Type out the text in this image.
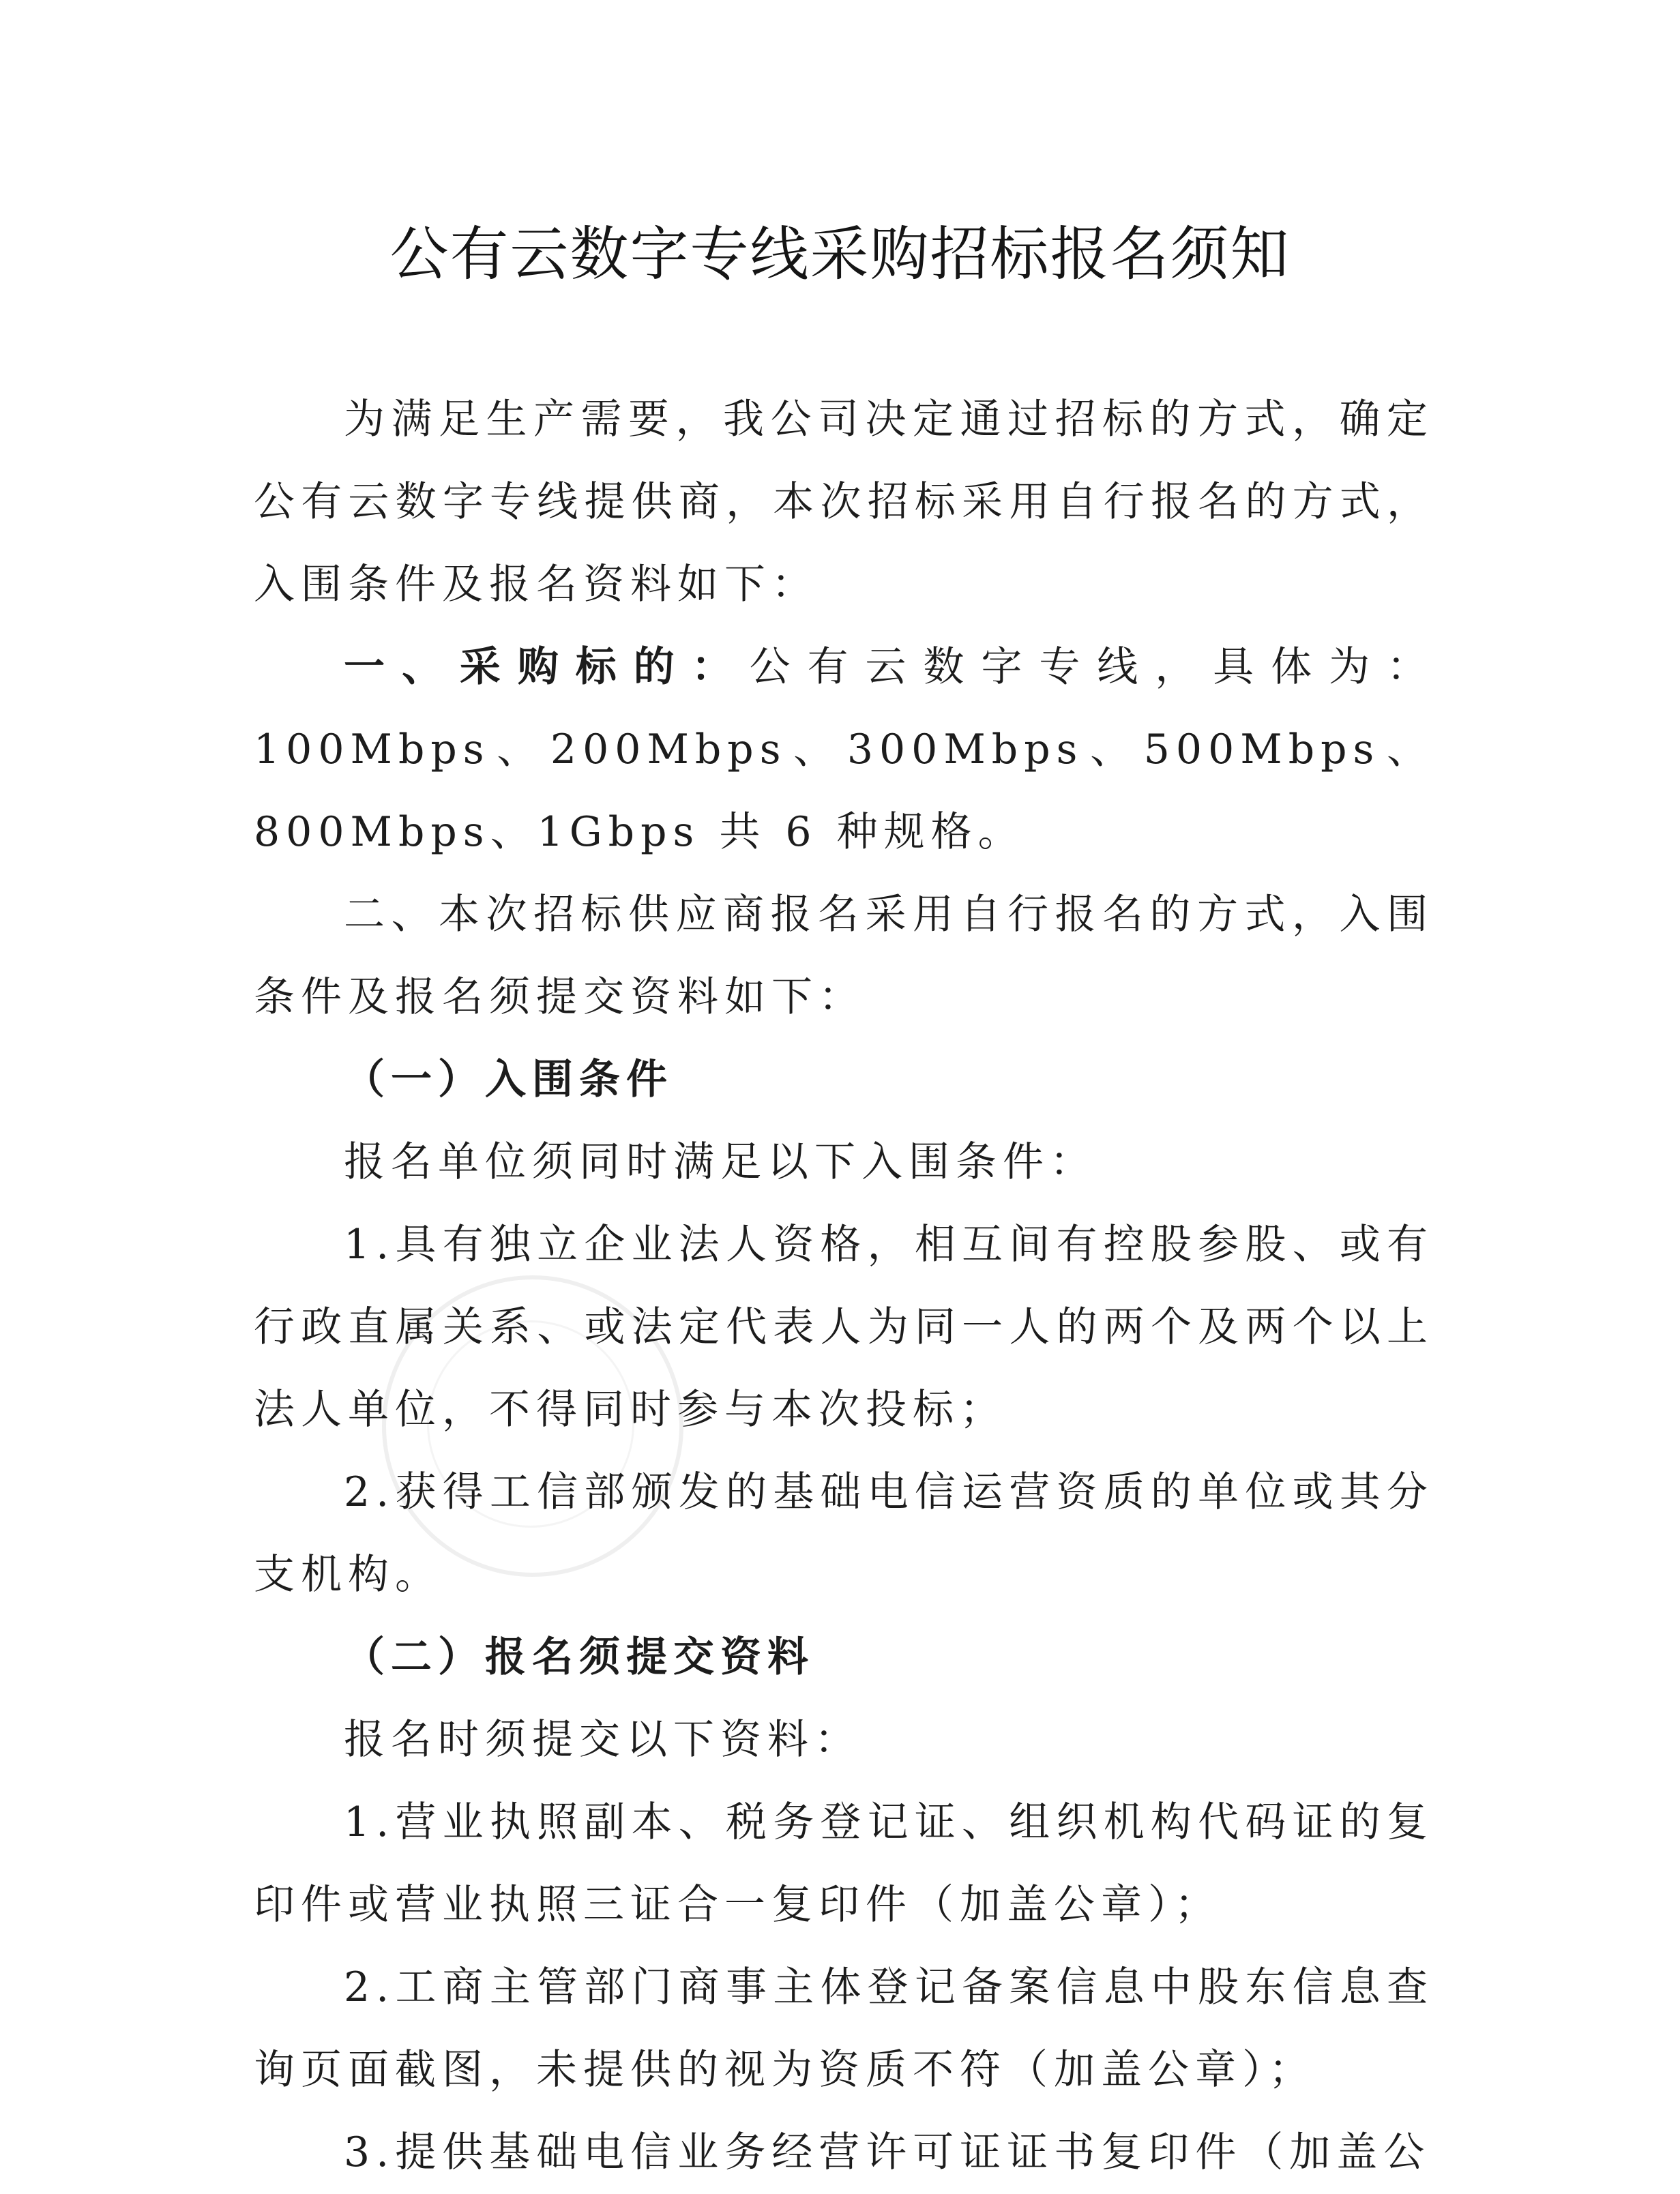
公有云数字专线采购招标报名须知

为满足生产需要，我公司决定通过招标的方式，确定公有云数字专线提供商，本次招标采用自行报名的方式，入围条件及报名资料如下：

一、采购标的：公有云数字专线，具体为：100Mbps、200Mbps、300Mbps、500Mbps、800Mbps、1Gbps 共 6 种规格。

二、本次招标供应商报名采用自行报名的方式，入围条件及报名须提交资料如下：

（一）入围条件

报名单位须同时满足以下入围条件：

1.具有独立企业法人资格，相互间有控股参股、或有行政直属关系、或法定代表人为同一人的两个及两个以上法人单位，不得同时参与本次投标；

2.获得工信部颁发的基础电信运营资质的单位或其分支机构。

（二）报名须提交资料

报名时须提交以下资料：

1.营业执照副本、税务登记证、组织机构代码证的复印件或营业执照三证合一复印件（加盖公章）；

2.工商主管部门商事主体登记备案信息中股东信息查询页面截图，未提供的视为资质不符（加盖公章）；

3.提供基础电信业务经营许可证证书复印件（加盖公
